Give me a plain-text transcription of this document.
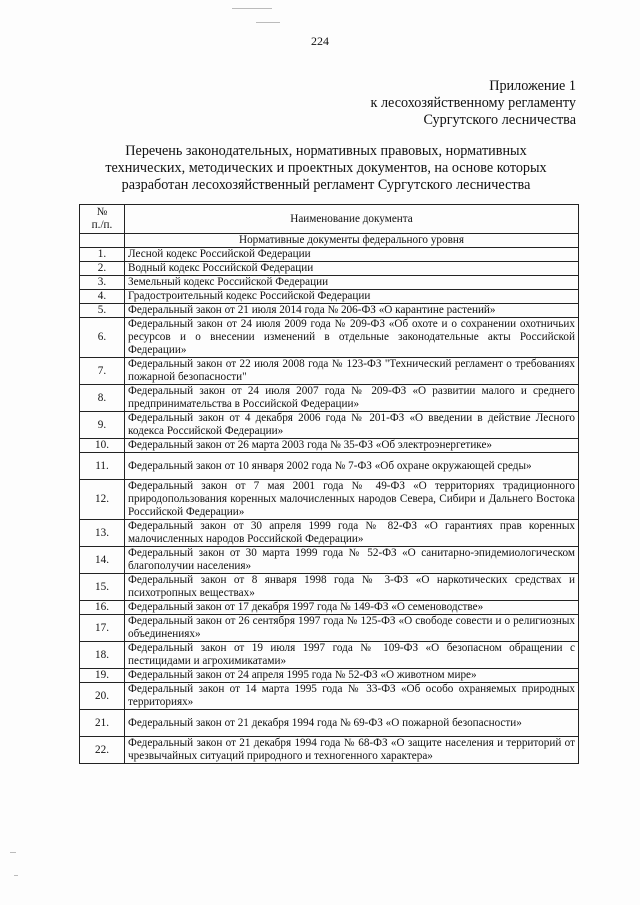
224
Приложение 1
к лесохозяйственному регламенту
Сургутского лесничества
Перечень законодательных, нормативных правовых, нормативных
технических, методических и проектных документов, на основе которых
разработан лесохозяйственный регламент Сургутского лесничества
№
п./п.	Наименование документа
	Нормативные документы федерального уровня
1.	Лесной кодекс Российской Федерации
2.	Водный кодекс Российской Федерации
3.	Земельный кодекс Российской Федерации
4.	Градостроительный кодекс Российской Федерации
5.	Федеральный закон от 21 июля 2014 года № 206-ФЗ «О карантине растений»
6.	Федеральный закон от 24 июля 2009 года № 209-ФЗ «Об охоте и о сохранении охотничьих ресурсов и о внесении изменений в отдельные законодательные акты Российской Федерации»
7.	Федеральный закон от 22 июля 2008 года № 123-ФЗ "Технический регламент о требованиях пожарной безопасности"
8.	Федеральный закон от 24 июля 2007 года № 209-ФЗ «О развитии малого и среднего предпринимательства в Российской Федерации»
9.	Федеральный закон от 4 декабря 2006 года № 201-ФЗ «О введении в действие Лесного кодекса Российской Федерации»
10.	Федеральный закон от 26 марта 2003 года № 35-ФЗ «Об электроэнергетике»
11.	Федеральный закон от 10 января 2002 года № 7-ФЗ «Об охране окружающей среды»
12.	Федеральный закон от 7 мая 2001 года № 49-ФЗ «О территориях традиционного природопользования коренных малочисленных народов Севера, Сибири и Дальнего Востока Российской Федерации»
13.	Федеральный закон от 30 апреля 1999 года № 82-ФЗ «О гарантиях прав коренных малочисленных народов Российской Федерации»
14.	Федеральный закон от 30 марта 1999 года № 52-ФЗ «О санитарно-эпидемиологическом благополучии населения»
15.	Федеральный закон от 8 января 1998 года № 3-ФЗ «О наркотических средствах и психотропных веществах»
16.	Федеральный закон от 17 декабря 1997 года № 149-ФЗ «О семеноводстве»
17.	Федеральный закон от 26 сентября 1997 года № 125-ФЗ «О свободе совести и о религиозных объединениях»
18.	Федеральный закон от 19 июля 1997 года № 109-ФЗ «О безопасном обращении с пестицидами и агрохимикатами»
19.	Федеральный закон от 24 апреля 1995 года № 52-ФЗ «О животном мире»
20.	Федеральный закон от 14 марта 1995 года № 33-ФЗ «Об особо охраняемых природных территориях»
21.	Федеральный закон от 21 декабря 1994 года № 69-ФЗ «О пожарной безопасности»
22.	Федеральный закон от 21 декабря 1994 года № 68-ФЗ «О защите населения и территорий от чрезвычайных ситуаций природного и техногенного характера»
